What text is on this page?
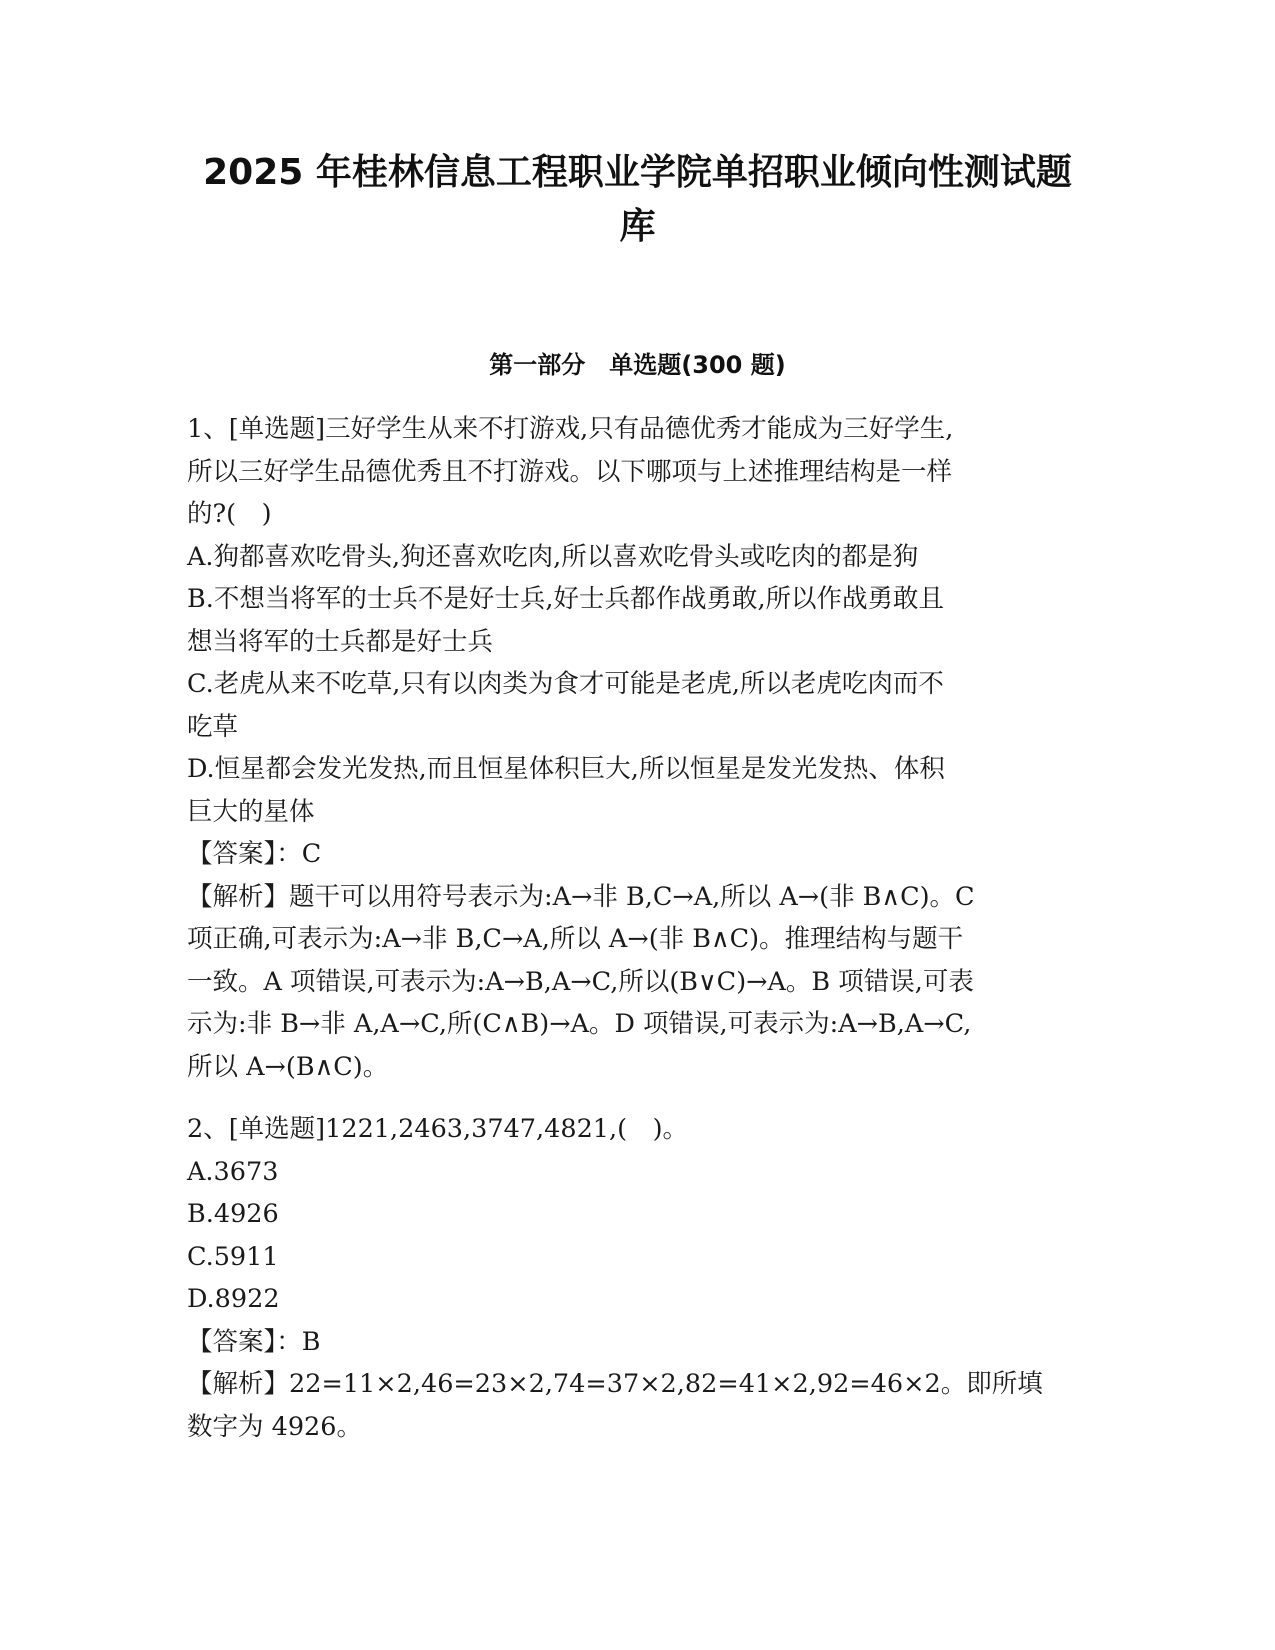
2025 年桂林信息工程职业学院单招职业倾向性测试题
库
第一部分　单选题(300 题)
1、[单选题]三好学生从来不打游戏,只有品德优秀才能成为三好学生,
所以三好学生品德优秀且不打游戏。以下哪项与上述推理结构是一样
的?(　)
A.狗都喜欢吃骨头,狗还喜欢吃肉,所以喜欢吃骨头或吃肉的都是狗
B.不想当将军的士兵不是好士兵,好士兵都作战勇敢,所以作战勇敢且
想当将军的士兵都是好士兵
C.老虎从来不吃草,只有以肉类为食才可能是老虎,所以老虎吃肉而不
吃草
D.恒星都会发光发热,而且恒星体积巨大,所以恒星是发光发热、体积
巨大的星体
【答案】：C
【解析】题干可以用符号表示为:A→非 B,C→A,所以 A→(非 B∧C)。C
项正确,可表示为:A→非 B,C→A,所以 A→(非 B∧C)。推理结构与题干
一致。A 项错误,可表示为:A→B,A→C,所以(B∨C)→A。B 项错误,可表
示为:非 B→非 A,A→C,所(C∧B)→A。D 项错误,可表示为:A→B,A→C,
所以 A→(B∧C)。
2、[单选题]1221,2463,3747,4821,(　)。
A.3673
B.4926
C.5911
D.8922
【答案】：B
【解析】22=11×2,46=23×2,74=37×2,82=41×2,92=46×2。即所填
数字为 4926。
